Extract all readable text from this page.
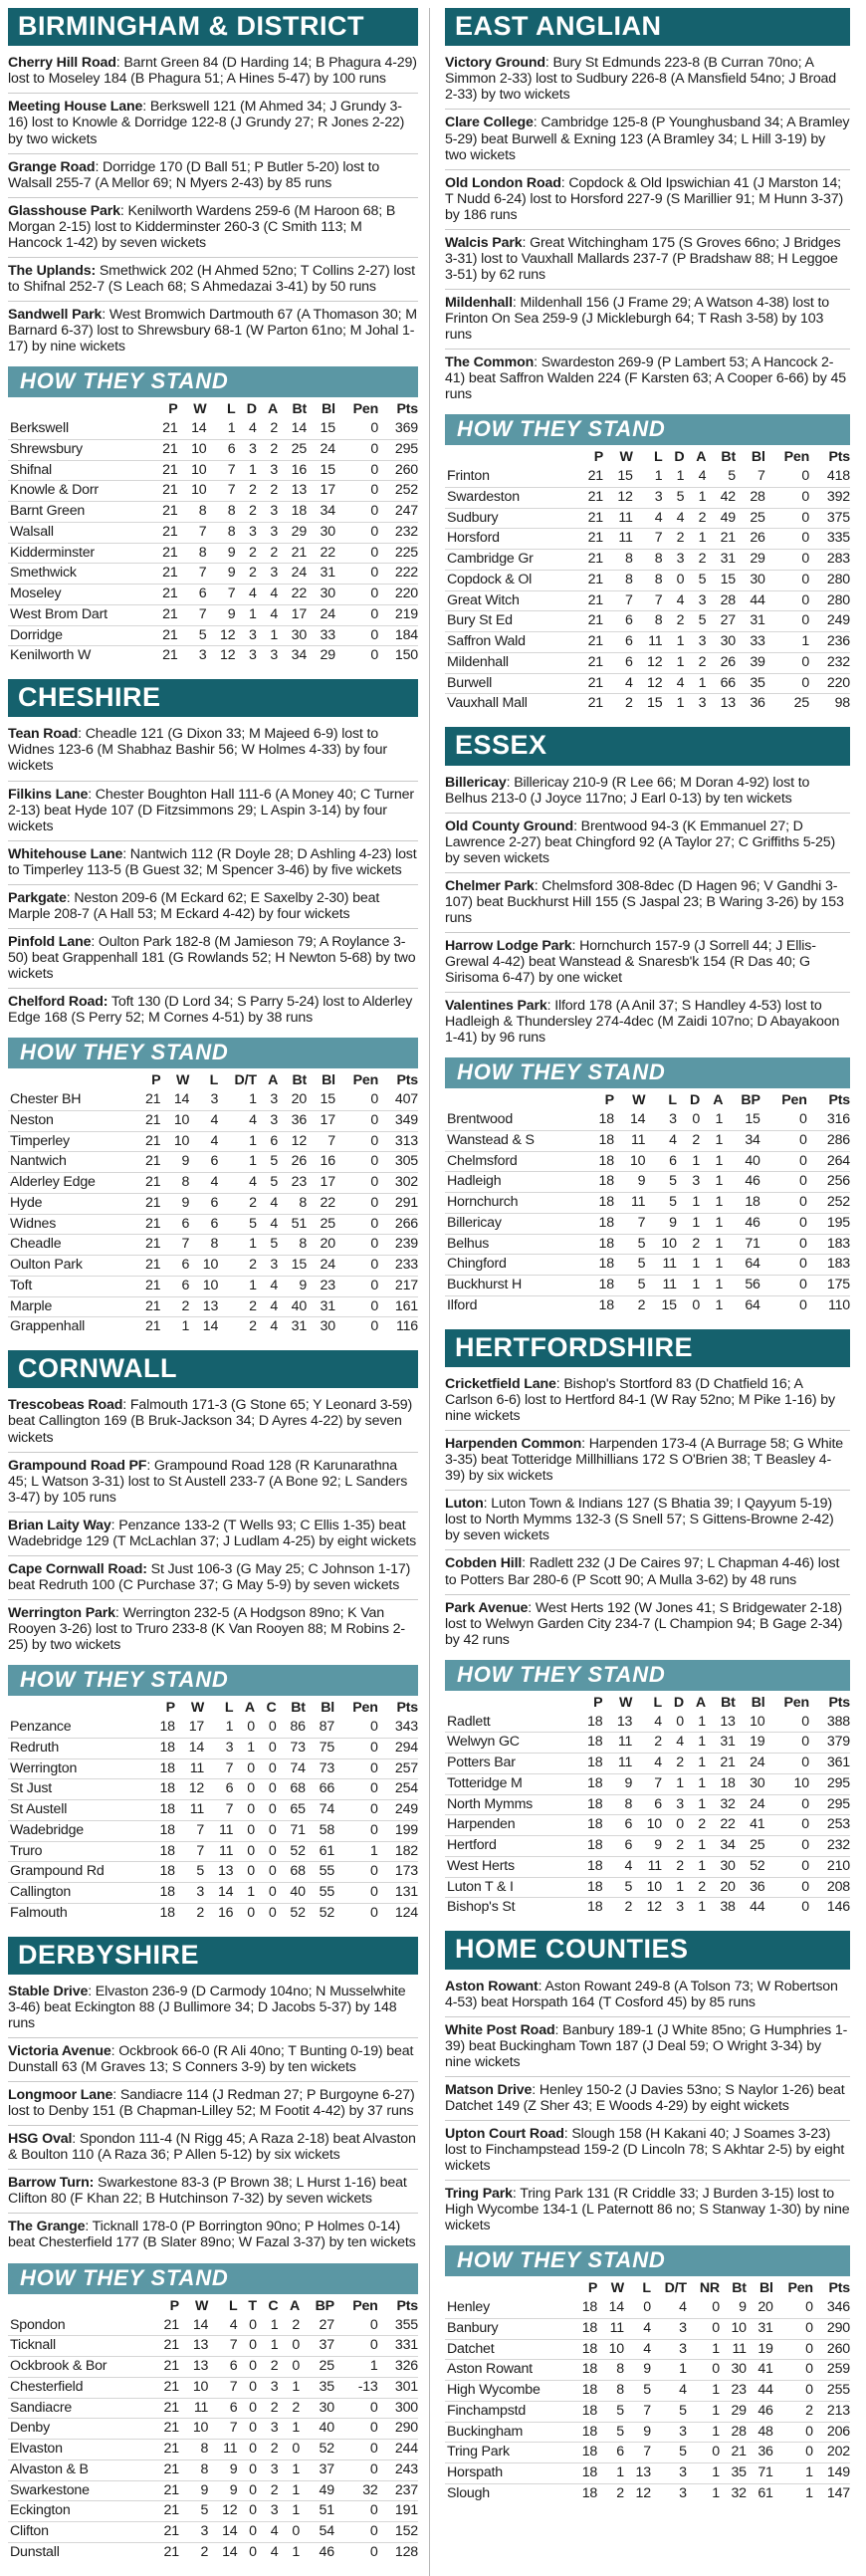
BIRMINGHAM & DISTRICT
Cherry Hill Road: Barnt Green 84 (D Harding 14; B Phagura 4-29) lost to Moseley 184 (B Phagura 51; A Hines 5-47) by 100 runs
Meeting House Lane: Berkswell 121 (M Ahmed 34; J Grundy 3-16) lost to Knowle & Dorridge 122-8 (J Grundy 27; R Jones 2-22) by two wickets
Grange Road: Dorridge 170 (D Ball 51; P Butler 5-20) lost to Walsall 255-7 (A Mellor 69; N Myers 2-43) by 85 runs
Glasshouse Park: Kenilworth Wardens 259-6 (M Haroon 68; B Morgan 2-15) lost to Kidderminster 260-3 (C Smith 113; M Hancock 1-42) by seven wickets
The Uplands: Smethwick 202 (H Ahmed 52no; T Collins 2-27) lost to Shifnal 252-7 (S Leach 68; S Ahmedazai 3-41) by 50 runs
Sandwell Park: West Bromwich Dartmouth 67 (A Thomason 30; M Barnard 6-37) lost to Shrewsbury 68-1 (W Parton 61no; M Johal 1-17) by nine wickets
HOW THEY STAND
	P	W	L	D	A	Bt	Bl	Pen	Pts
Berkswell	21	14	1	4	2	14	15	0	369
Shrewsbury	21	10	6	3	2	25	24	0	295
Shifnal	21	10	7	1	3	16	15	0	260
Knowle & Dorr	21	10	7	2	2	13	17	0	252
Barnt Green	21	8	8	2	3	18	34	0	247
Walsall	21	7	8	3	3	29	30	0	232
Kidderminster	21	8	9	2	2	21	22	0	225
Smethwick	21	7	9	2	3	24	31	0	222
Moseley	21	6	7	4	4	22	30	0	220
West Brom Dart	21	7	9	1	4	17	24	0	219
Dorridge	21	5	12	3	1	30	33	0	184
Kenilworth W	21	3	12	3	3	34	29	0	150
CHESHIRE
Tean Road: Cheadle 121 (G Dixon 33; M Majeed 6-9) lost to Widnes 123-6 (M Shabhaz Bashir 56; W Holmes 4-33) by four wickets
Filkins Lane: Chester Boughton Hall 111-6 (A Money 40; C Turner 2-13) beat Hyde 107 (D Fitzsimmons 29; L Aspin 3-14) by four wickets
Whitehouse Lane: Nantwich 112 (R Doyle 28; D Ashling 4-23) lost to Timperley 113-5 (B Guest 32; M Spencer 3-46) by five wickets
Parkgate: Neston 209-6 (M Eckard 62; E Saxelby 2-30) beat Marple 208-7 (A Hall 53; M Eckard 4-42) by four wickets
Pinfold Lane: Oulton Park 182-8 (M Jamieson 79; A Roylance 3-50) beat Grappenhall 181 (G Rowlands 52; H Newton 5-68) by two wickets
Chelford Road: Toft 130 (D Lord 34; S Parry 5-24) lost to Alderley Edge 168 (S Perry 52; M Cornes 4-51) by 38 runs
HOW THEY STAND
	P	W	L	D/T	A	Bt	Bl	Pen	Pts
Chester BH	21	14	3	1	3	20	15	0	407
Neston	21	10	4	4	3	36	17	0	349
Timperley	21	10	4	1	6	12	7	0	313
Nantwich	21	9	6	1	5	26	16	0	305
Alderley Edge	21	8	4	4	5	23	17	0	302
Hyde	21	9	6	2	4	8	22	0	291
Widnes	21	6	6	5	4	51	25	0	266
Cheadle	21	7	8	1	5	8	20	0	239
Oulton Park	21	6	10	2	3	15	24	0	233
Toft	21	6	10	1	4	9	23	0	217
Marple	21	2	13	2	4	40	31	0	161
Grappenhall	21	1	14	2	4	31	30	0	116
CORNWALL
Trescobeas Road: Falmouth 171-3 (G Stone 65; Y Leonard 3-59) beat Callington 169 (B Bruk-Jackson 34; D Ayres 4-22) by seven wickets
Grampound Road PF: Grampound Road 128 (R Karunarathna 45; L Watson 3-31) lost to St Austell 233-7 (A Bone 92; L Sanders 3-47) by 105 runs
Brian Laity Way: Penzance 133-2 (T Wells 93; C Ellis 1-35) beat Wadebridge 129 (T McLachlan 37; J Ludlam 4-25) by eight wickets
Cape Cornwall Road: St Just 106-3 (G May 25; C Johnson 1-17) beat Redruth 100 (C Purchase 37; G May 5-9) by seven wickets
Werrington Park: Werrington 232-5 (A Hodgson 89no; K Van Rooyen 3-26) lost to Truro 233-8 (K Van Rooyen 88; M Robins 2-25) by two wickets
HOW THEY STAND
	P	W	L	A	C	Bt	Bl	Pen	Pts
Penzance	18	17	1	0	0	86	87	0	343
Redruth	18	14	3	1	0	73	75	0	294
Werrington	18	11	7	0	0	74	73	0	257
St Just	18	12	6	0	0	68	66	0	254
St Austell	18	11	7	0	0	65	74	0	249
Wadebridge	18	7	11	0	0	71	58	0	199
Truro	18	7	11	0	0	52	61	1	182
Grampound Rd	18	5	13	0	0	68	55	0	173
Callington	18	3	14	1	0	40	55	0	131
Falmouth	18	2	16	0	0	52	52	0	124
DERBYSHIRE
Stable Drive: Elvaston 236-9 (D Carmody 104no; N Musselwhite 3-46) beat Eckington 88 (J Bullimore 34; D Jacobs 5-37) by 148 runs
Victoria Avenue: Ockbrook 66-0 (R Ali 40no; T Bunting 0-19) beat Dunstall 63 (M Graves 13; S Conners 3-9) by ten wickets
Longmoor Lane: Sandiacre 114 (J Redman 27; P Burgoyne 6-27) lost to Denby 151 (B Chapman-Lilley 52; M Footit 4-42) by 37 runs
HSG Oval: Spondon 111-4 (N Rigg 45; A Raza 2-18) beat Alvaston & Boulton 110 (A Raza 36; P Allen 5-12) by six wickets
Barrow Turn: Swarkestone 83-3 (P Brown 38; L Hurst 1-16) beat Clifton 80 (F Khan 22; B Hutchinson 7-32) by seven wickets
The Grange: Ticknall 178-0 (P Borrington 90no; P Holmes 0-14) beat Chesterfield 177 (B Slater 89no; W Fazal 3-37) by ten wickets
HOW THEY STAND
	P	W	L	T	C	A	BP	Pen	Pts
Spondon	21	14	4	0	1	2	27	0	355
Ticknall	21	13	7	0	1	0	37	0	331
Ockbrook & Bor	21	13	6	0	2	0	25	1	326
Chesterfield	21	10	7	0	3	1	35	-13	301
Sandiacre	21	11	6	0	2	2	30	0	300
Denby	21	10	7	0	3	1	40	0	290
Elvaston	21	8	11	0	2	0	52	0	244
Alvaston & B	21	8	9	0	3	1	37	0	243
Swarkestone	21	9	9	0	2	1	49	32	237
Eckington	21	5	12	0	3	1	51	0	191
Clifton	21	3	14	0	4	0	54	0	152
Dunstall	21	2	14	0	4	1	46	0	128
EAST ANGLIAN
Victory Ground: Bury St Edmunds 223-8 (B Curran 70no; A Simmon 2-33) lost to Sudbury 226-8 (A Mansfield 54no; J Broad 2-33) by two wickets
Clare College: Cambridge 125-8 (P Younghusband 34; A Bramley 5-29) beat Burwell & Exning 123 (A Bramley 34; L Hill 3-19) by two wickets
Old London Road: Copdock & Old Ipswichian 41 (J Marston 14; T Nudd 6-24) lost to Horsford 227-9 (S Marillier 91; M Hunn 3-37) by 186 runs
Walcis Park: Great Witchingham 175 (S Groves 66no; J Bridges 3-31) lost to Vauxhall Mallards 237-7 (P Bradshaw 88; H Leggoe 3-51) by 62 runs
Mildenhall: Mildenhall 156 (J Frame 29; A Watson 4-38) lost to Frinton On Sea 259-9 (J Mickleburgh 64; T Rash 3-58) by 103 runs
The Common: Swardeston 269-9 (P Lambert 53; A Hancock 2-41) beat Saffron Walden 224 (F Karsten 63; A Cooper 6-66) by 45 runs
HOW THEY STAND
	P	W	L	D	A	Bt	Bl	Pen	Pts
Frinton	21	15	1	1	4	5	7	0	418
Swardeston	21	12	3	5	1	42	28	0	392
Sudbury	21	11	4	4	2	49	25	0	375
Horsford	21	11	7	2	1	21	26	0	335
Cambridge Gr	21	8	8	3	2	31	29	0	283
Copdock & Ol	21	8	8	0	5	15	30	0	280
Great Witch	21	7	7	4	3	28	44	0	280
Bury St Ed	21	6	8	2	5	27	31	0	249
Saffron Wald	21	6	11	1	3	30	33	1	236
Mildenhall	21	6	12	1	2	26	39	0	232
Burwell	21	4	12	4	1	66	35	0	220
Vauxhall Mall	21	2	15	1	3	13	36	25	98
ESSEX
Billericay: Billericay 210-9 (R Lee 66; M Doran 4-92) lost to Belhus 213-0 (J Joyce 117no; J Earl 0-13) by ten wickets
Old County Ground: Brentwood 94-3 (K Emmanuel 27; D Lawrence 2-27) beat Chingford 92 (A Taylor 27; C Griffiths 5-25) by seven wickets
Chelmer Park: Chelmsford 308-8dec (D Hagen 96; V Gandhi 3-107) beat Buckhurst Hill 155 (S Jaspal 23; B Waring 3-26) by 153 runs
Harrow Lodge Park: Hornchurch 157-9 (J Sorrell 44; J Ellis-Grewal 4-42) beat Wanstead & Snaresb'k 154 (R Das 40; G Sirisoma 6-47) by one wicket
Valentines Park: Ilford 178 (A Anil 37; S Handley 4-53) lost to Hadleigh & Thundersley 274-4dec (M Zaidi 107no; D Abayakoon 1-41) by 96 runs
HOW THEY STAND
	P	W	L	D	A	BP	Pen	Pts
Brentwood	18	14	3	0	1	15	0	316
Wanstead & S	18	11	4	2	1	34	0	286
Chelmsford	18	10	6	1	1	40	0	264
Hadleigh	18	9	5	3	1	46	0	256
Hornchurch	18	11	5	1	1	18	0	252
Billericay	18	7	9	1	1	46	0	195
Belhus	18	5	10	2	1	71	0	183
Chingford	18	5	11	1	1	64	0	183
Buckhurst H	18	5	11	1	1	56	0	175
Ilford	18	2	15	0	1	64	0	110
HERTFORDSHIRE
Cricketfield Lane: Bishop's Stortford 83 (D Chatfield 16; A Carlson 6-6) lost to Hertford 84-1 (W Ray 52no; M Pike 1-16) by nine wickets
Harpenden Common: Harpenden 173-4 (A Burrage 58; G White 3-35) beat Totteridge Millhillians 172 S O'Brien 38; T Beasley 4-39) by six wickets
Luton: Luton Town & Indians 127 (S Bhatia 39; I Qayyum 5-19) lost to North Mymms 132-3 (S Snell 57; S Gittens-Browne 2-42) by seven wickets
Cobden Hill: Radlett 232 (J De Caires 97; L Chapman 4-46) lost to Potters Bar 280-6 (P Scott 90; A Mulla 3-62) by 48 runs
Park Avenue: West Herts 192 (W Jones 41; S Bridgewater 2-18) lost to Welwyn Garden City 234-7 (L Champion 94; B Gage 2-34) by 42 runs
HOW THEY STAND
	P	W	L	D	A	Bt	Bl	Pen	Pts
Radlett	18	13	4	0	1	13	10	0	388
Welwyn GC	18	11	2	4	1	31	19	0	379
Potters Bar	18	11	4	2	1	21	24	0	361
Totteridge M	18	9	7	1	1	18	30	10	295
North Mymms	18	8	6	3	1	32	24	0	295
Harpenden	18	6	10	0	2	22	41	0	253
Hertford	18	6	9	2	1	34	25	0	232
West Herts	18	4	11	2	1	30	52	0	210
Luton T & I	18	5	10	1	2	20	36	0	208
Bishop's St	18	2	12	3	1	38	44	0	146
HOME COUNTIES
Aston Rowant: Aston Rowant 249-8 (A Tolson 73; W Robertson 4-53) beat Horspath 164 (T Cosford 45) by 85 runs
White Post Road: Banbury 189-1 (J White 85no; G Humphries 1-39) beat Buckingham Town 187 (J Deal 59; O Wright 3-34) by nine wickets
Matson Drive: Henley 150-2 (J Davies 53no; S Naylor 1-26) beat Datchet 149 (Z Sher 43; E Woods 4-29) by eight wickets
Upton Court Road: Slough 158 (H Kakani 40; J Soames 3-23) lost to Finchampstead 159-2 (D Lincoln 78; S Akhtar 2-5) by eight wickets
Tring Park: Tring Park 131 (R Criddle 33; J Burden 3-15) lost to High Wycombe 134-1 (L Paternott 86 no; S Stanway 1-30) by nine wickets
HOW THEY STAND
	P	W	L	D/T	NR	Bt	Bl	Pen	Pts
Henley	18	14	0	4	0	9	20	0	346
Banbury	18	11	4	3	0	10	31	0	290
Datchet	18	10	4	3	1	11	19	0	260
Aston Rowant	18	8	9	1	0	30	41	0	259
High Wycombe	18	8	5	4	1	23	44	0	255
Finchampstd	18	5	7	5	1	29	46	2	213
Buckingham	18	5	9	3	1	28	48	0	206
Tring Park	18	6	7	5	0	21	36	0	202
Horspath	18	1	13	3	1	35	71	1	149
Slough	18	2	12	3	1	32	61	1	147
